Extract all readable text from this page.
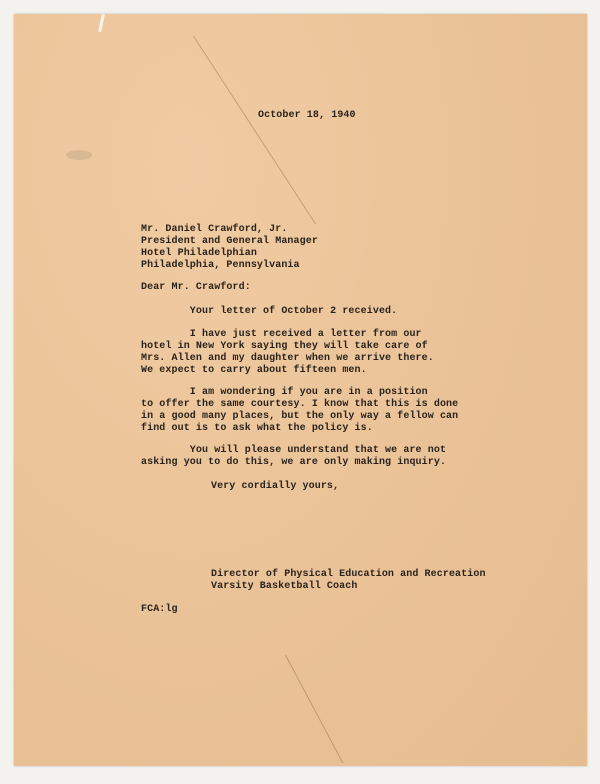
October 18, 1940
Mr. Daniel Crawford, Jr.
President and General Manager
Hotel Philadelphian
Philadelphia, Pennsylvania
Dear Mr. Crawford:
Your letter of October 2 received.
I have just received a letter from our
hotel in New York saying they will take care of
Mrs. Allen and my daughter when we arrive there.
We expect to carry about fifteen men.
I am wondering if you are in a position
to offer the same courtesy. I know that this is done
in a good many places, but the only way a fellow can
find out is to ask what the policy is.
You will please understand that we are not
asking you to do this, we are only making inquiry.
Very cordially yours,
Director of Physical Education and Recreation
Varsity Basketball Coach
FCA:lg
